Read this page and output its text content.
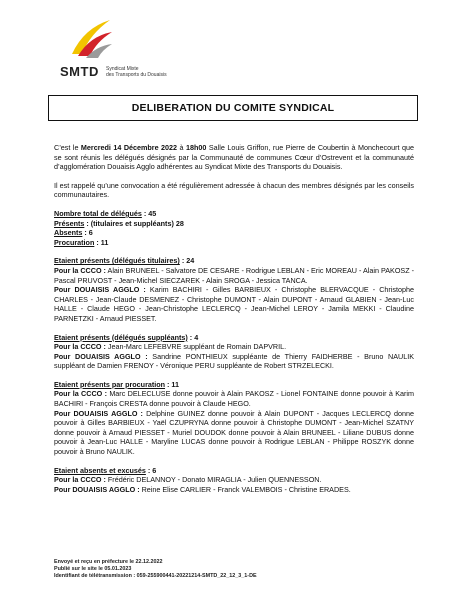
SMTD Syndicat Mixte
des Transports du Douaisis
DELIBERATION DU COMITE SYNDICAL

C’est le Mercredi 14 Décembre 2022 à 18h00 Salle Louis Griffon, rue Pierre de Coubertin à Monchecourt que se sont réunis les délégués désignés par la Communauté de communes Cœur d’Ostrevent et la communauté d’agglomération Douaisis Agglo adhérentes au Syndicat Mixte des Transports du Douaisis.

Il est rappelé qu’une convocation a été régulièrement adressée à chacun des membres désignés par les conseils communautaires.

Nombre total de délégués : 45
Présents : (titulaires et suppléants) 28
Absents : 6
Procuration : 11
Etaient présents (délégués titulaires) : 24

Pour la CCCO : Alain BRUNEEL - Salvatore DE CESARE - Rodrigue LEBLAN - Eric MOREAU - Alain PAKOSZ - Pascal PRUVOST - Jean-Michel SIECZAREK - Alain SROGA - Jessica TANCA.

Pour DOUAISIS AGGLO : Karim BACHIRI - Gilles BARBIEUX - Christophe BLERVACQUE - Christophe CHARLES - Jean-Claude DESMENEZ - Christophe DUMONT - Alain DUPONT - Arnaud GLABIEN - Jean-Luc HALLE - Claude HEGO - Jean-Christophe LECLERCQ - Jean-Michel LEROY - Jamila MEKKI - Claudine PARNETZKI - Arnaud PIESSET.

Etaient présents (délégués suppléants) : 4

Pour la CCCO : Jean-Marc LEFEBVRE suppléant de Romain DAPVRIL.

Pour DOUAISIS AGGLO : Sandrine PONTHIEUX suppléante de Thierry FAIDHERBE - Bruno NAULIK suppléant de Damien FRENOY - Véronique PERU suppléante de Robert STRZELECKI.

Etaient présents par procuration : 11

Pour la CCCO : Marc DELECLUSE donne pouvoir à Alain PAKOSZ - Lionel FONTAINE donne pouvoir à Karim BACHIRI - François CRESTA donne pouvoir à Claude HEGO.

Pour DOUAISIS AGGLO : Delphine GUINEZ donne pouvoir à Alain DUPONT - Jacques LECLERCQ donne pouvoir à Gilles BARBIEUX - Yaël CZUPRYNA donne pouvoir à Christophe DUMONT - Jean-Michel SZATNY donne pouvoir à Arnaud PIESSET - Muriel DOUDOK donne pouvoir à Alain BRUNEEL - Liliane DUBUS donne pouvoir à Jean-Luc HALLE - Maryline LUCAS donne pouvoir à Rodrigue LEBLAN - Philippe ROSZYK donne pouvoir à Bruno NAULIK.

Etaient absents et excusés : 6

Pour la CCCO : Frédéric DELANNOY - Donato MIRAGLIA - Julien QUENNESSON.

Pour DOUAISIS AGGLO : Reine Elise CARLIER - Franck VALEMBOIS - Christine ERADES.

Envoyé et reçu en préfecture le 22.12.2022
Publié sur le site le 05.01.2023
Identifiant de télétransmission : 059-255900441-20221214-SMTD_22_12_3_1-DE
